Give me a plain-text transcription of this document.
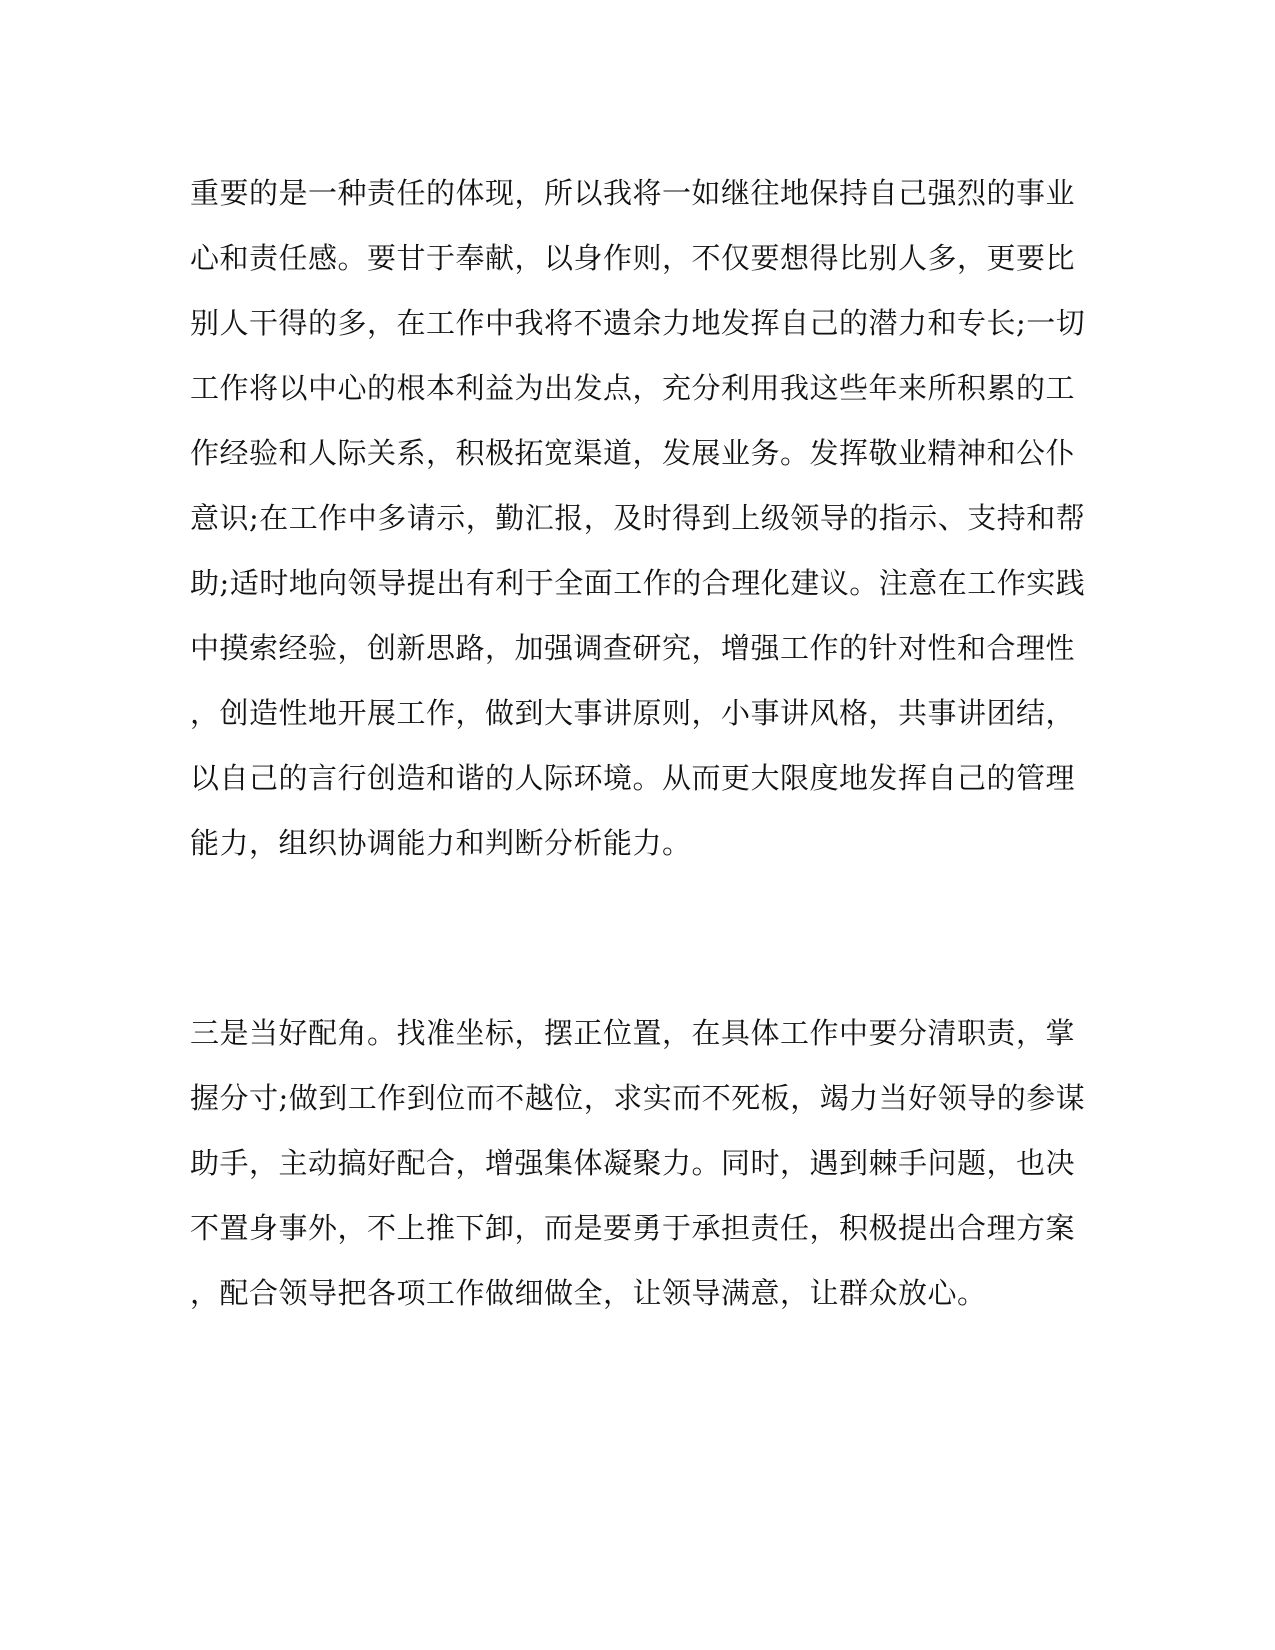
重要的是一种责任的体现，所以我将一如继往地保持自己强烈的事业
心和责任感。要甘于奉献，以身作则，不仅要想得比别人多，更要比
别人干得的多，在工作中我将不遗余力地发挥自己的潜力和专长;一切
工作将以中心的根本利益为出发点，充分利用我这些年来所积累的工
作经验和人际关系，积极拓宽渠道，发展业务。发挥敬业精神和公仆
意识;在工作中多请示，勤汇报，及时得到上级领导的指示、支持和帮
助;适时地向领导提出有利于全面工作的合理化建议。注意在工作实践
中摸索经验，创新思路，加强调查研究，增强工作的针对性和合理性
，创造性地开展工作，做到大事讲原则，小事讲风格，共事讲团结，
以自己的言行创造和谐的人际环境。从而更大限度地发挥自己的管理
能力，组织协调能力和判断分析能力。
三是当好配角。找准坐标，摆正位置，在具体工作中要分清职责，掌
握分寸;做到工作到位而不越位，求实而不死板，竭力当好领导的参谋
助手，主动搞好配合，增强集体凝聚力。同时，遇到棘手问题，也决
不置身事外，不上推下卸，而是要勇于承担责任，积极提出合理方案
，配合领导把各项工作做细做全，让领导满意，让群众放心。
